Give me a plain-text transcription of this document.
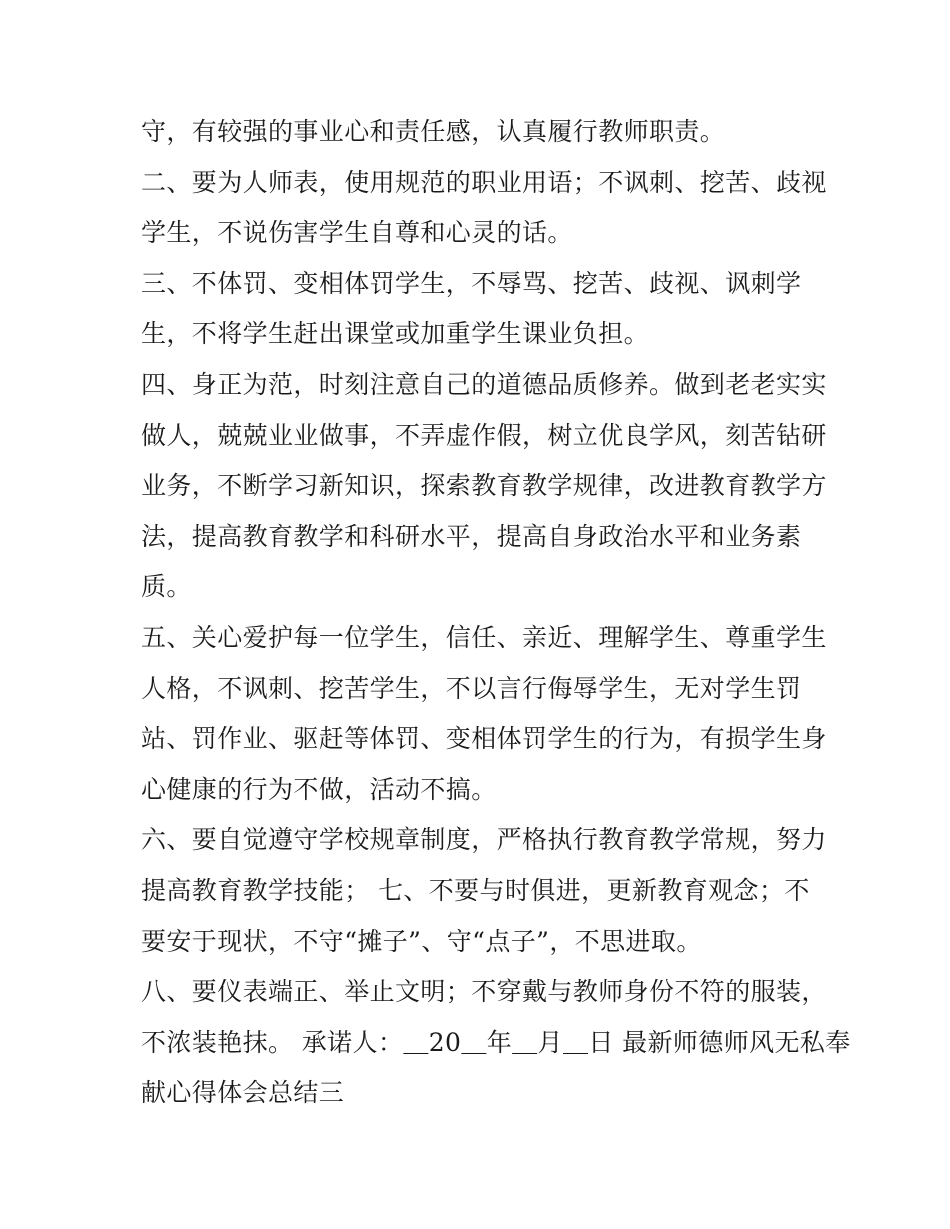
守，有较强的事业心和责任感，认真履行教师职责。
二、要为人师表，使用规范的职业用语；不讽刺、挖苦、歧视
学生，不说伤害学生自尊和心灵的话。
三、不体罚、变相体罚学生，不辱骂、挖苦、歧视、讽刺学
生，不将学生赶出课堂或加重学生课业负担。
四、身正为范，时刻注意自己的道德品质修养。做到老老实实
做人，兢兢业业做事，不弄虚作假，树立优良学风，刻苦钻研
业务，不断学习新知识，探索教育教学规律，改进教育教学方
法，提高教育教学和科研水平，提高自身政治水平和业务素
质。
五、关心爱护每一位学生，信任、亲近、理解学生、尊重学生
人格，不讽刺、挖苦学生，不以言行侮辱学生，无对学生罚
站、罚作业、驱赶等体罚、变相体罚学生的行为，有损学生身
心健康的行为不做，活动不搞。
六、要自觉遵守学校规章制度，严格执行教育教学常规，努力
提高教育教学技能； 七、不要与时俱进，更新教育观念；不
要安于现状，不守“摊子”、守“点子”，不思进取。
八、要仪表端正、举止文明；不穿戴与教师身份不符的服装，
不浓装艳抹。 承诺人：＿20＿年＿月＿日 最新师德师风无私奉
献心得体会总结三
